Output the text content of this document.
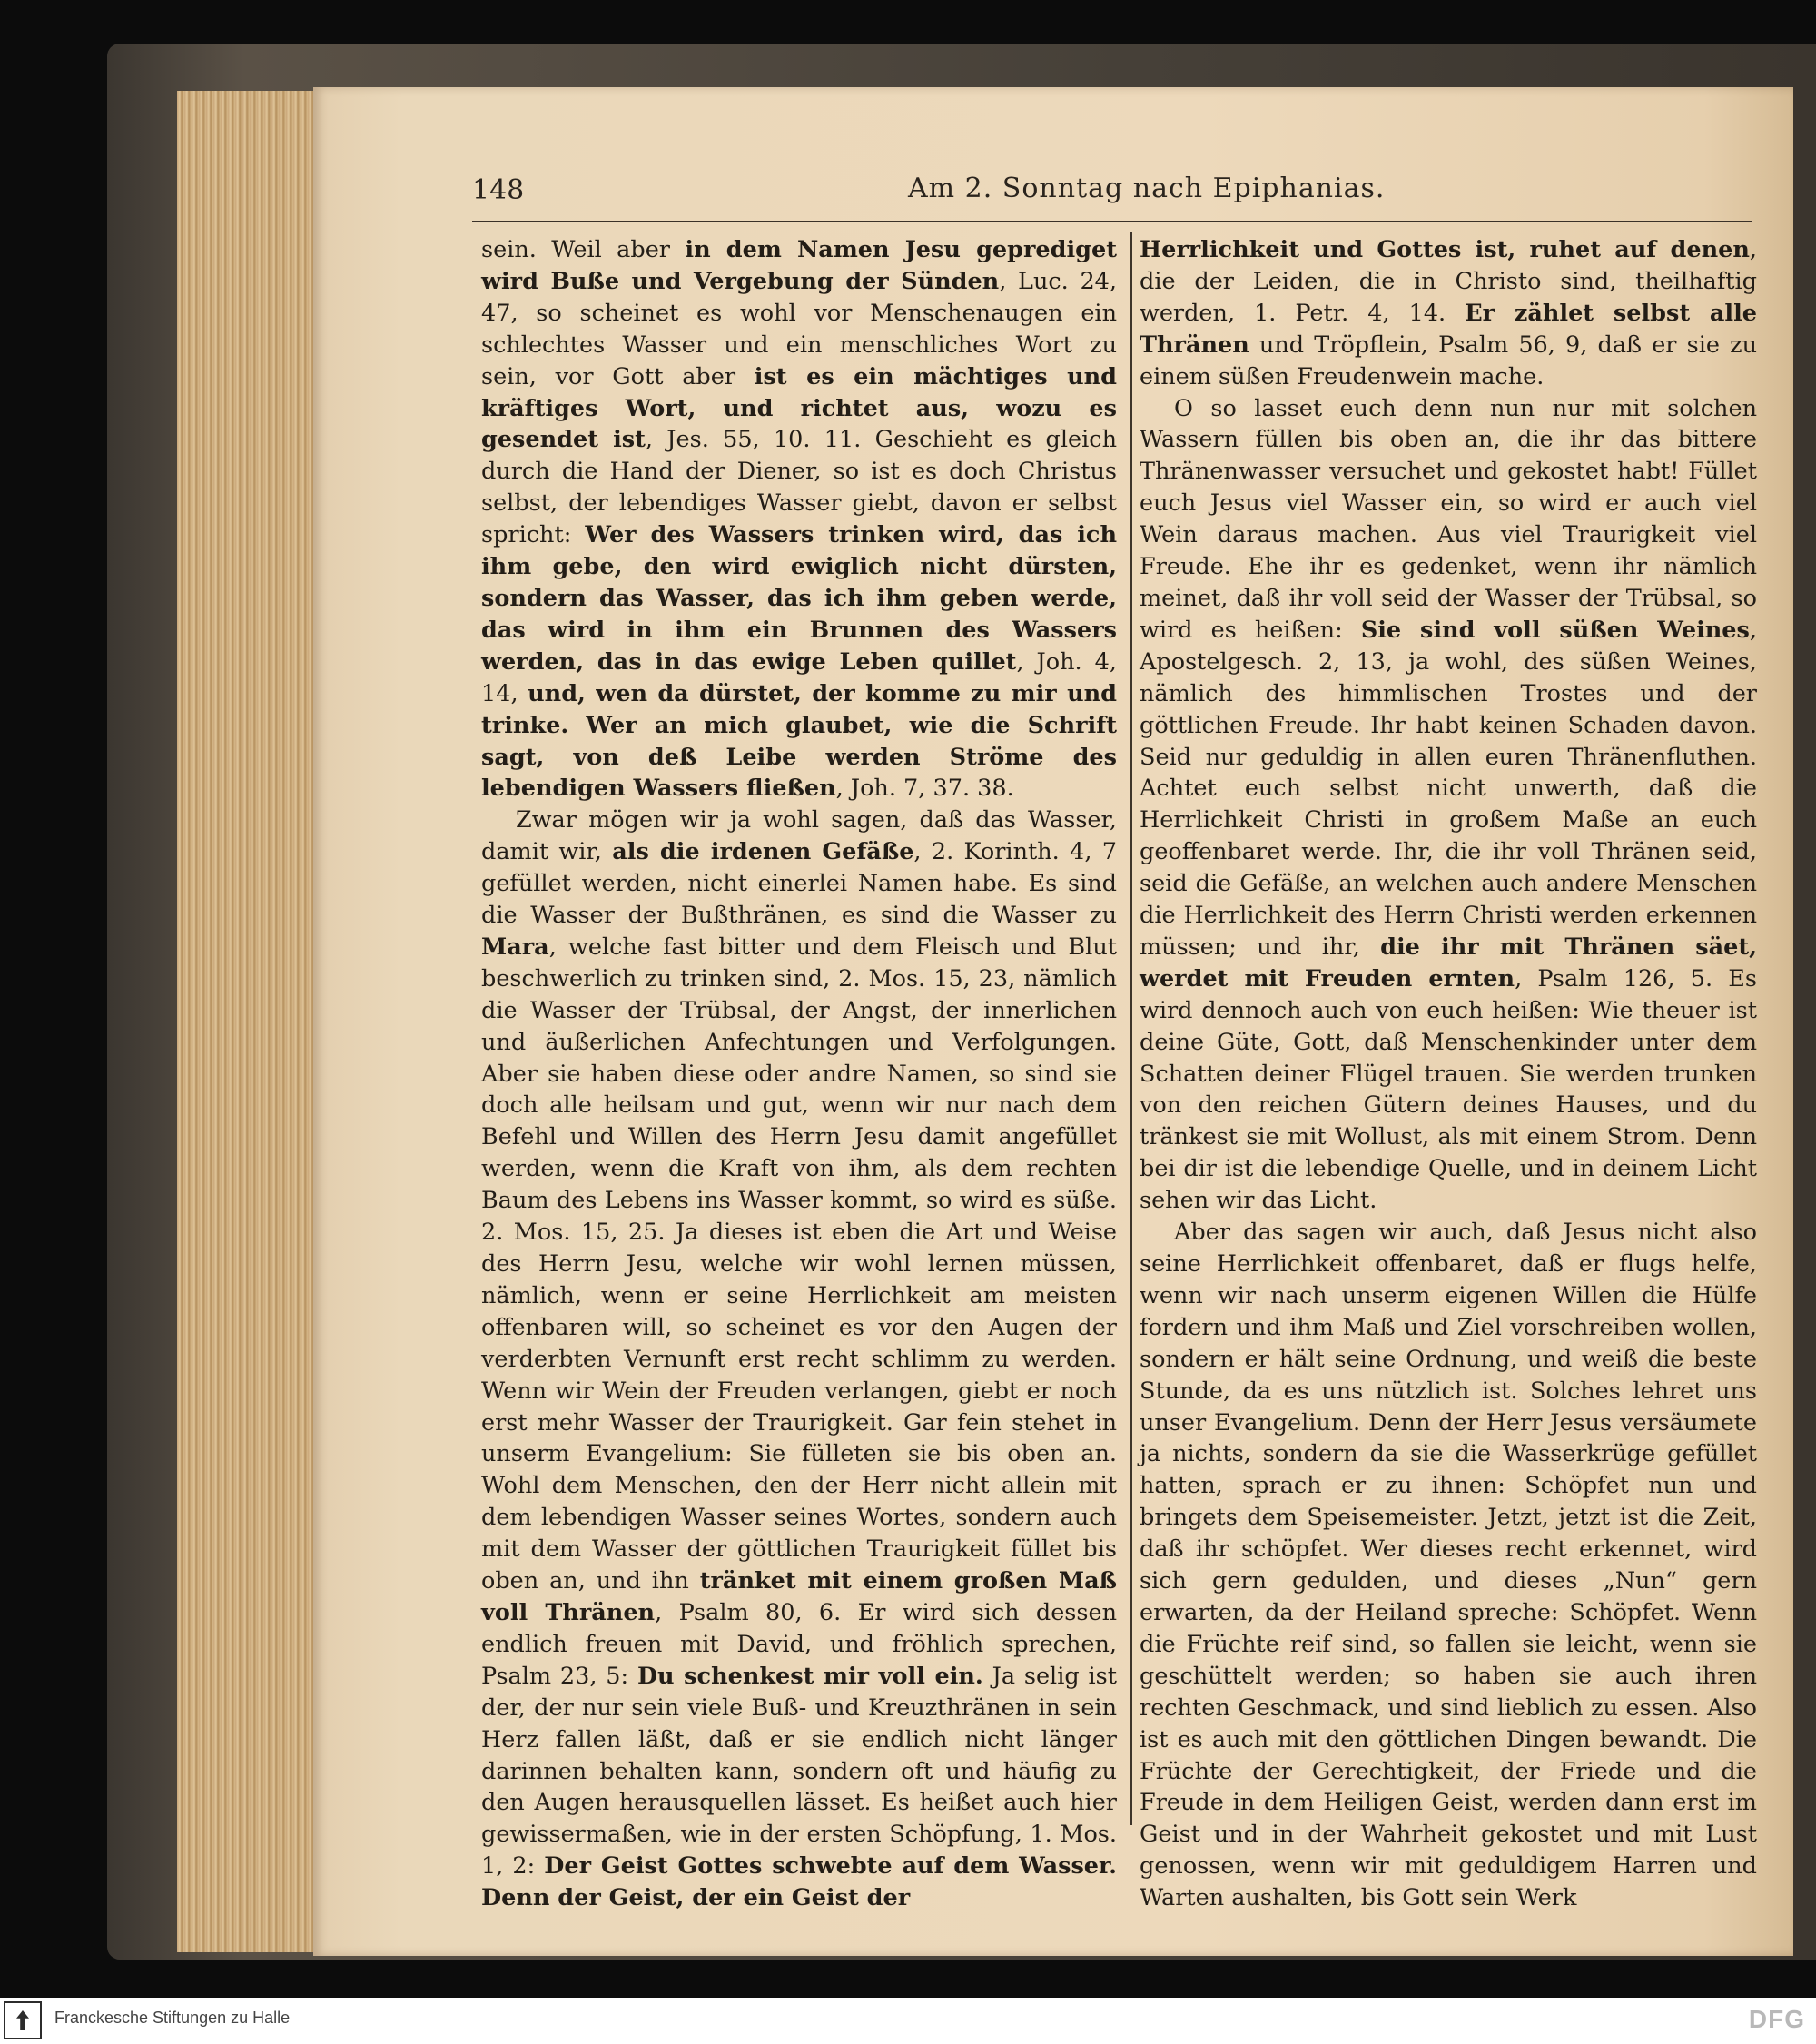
148	Am 2. Sonntag nach Epiphanias.

sein. Weil aber in dem Namen Jesu geprediget wird Buße und Vergebung der Sünden, Luc. 24, 47, so scheinet es wohl vor Menschenaugen ein schlechtes Wasser und ein menschliches Wort zu sein, vor Gott aber ist es ein mächtiges und kräftiges Wort, und richtet aus, wozu es gesendet ist, Jes. 55, 10. 11. Geschieht es gleich durch die Hand der Diener, so ist es doch Christus selbst, der lebendiges Wasser giebt, davon er selbst spricht: Wer des Wassers trinken wird, das ich ihm gebe, den wird ewiglich nicht dürsten, sondern das Wasser, das ich ihm geben werde, das wird in ihm ein Brunnen des Wassers werden, das in das ewige Leben quillet, Joh. 4, 14, und, wen da dürstet, der komme zu mir und trinke. Wer an mich glaubet, wie die Schrift sagt, von deß Leibe werden Ströme des lebendigen Wassers fließen, Joh. 7, 37. 38.

Zwar mögen wir ja wohl sagen, daß das Wasser, damit wir, als die irdenen Gefäße, 2. Korinth. 4, 7 gefüllet werden, nicht einerlei Namen habe. Es sind die Wasser der Bußthränen, es sind die Wasser zu Mara, welche fast bitter und dem Fleisch und Blut beschwerlich zu trinken sind, 2. Mos. 15, 23, nämlich die Wasser der Trübsal, der Angst, der innerlichen und äußerlichen Anfechtungen und Verfolgungen. Aber sie haben diese oder andre Namen, so sind sie doch alle heilsam und gut, wenn wir nur nach dem Befehl und Willen des Herrn Jesu damit angefüllet werden, wenn die Kraft von ihm, als dem rechten Baum des Lebens ins Wasser kommt, so wird es süße. 2. Mos. 15, 25. Ja dieses ist eben die Art und Weise des Herrn Jesu, welche wir wohl lernen müssen, nämlich, wenn er seine Herrlichkeit am meisten offenbaren will, so scheinet es vor den Augen der verderbten Vernunft erst recht schlimm zu werden. Wenn wir Wein der Freuden verlangen, giebt er noch erst mehr Wasser der Traurigkeit. Gar fein stehet in unserm Evangelium: Sie fülleten sie bis oben an. Wohl dem Menschen, den der Herr nicht allein mit dem lebendigen Wasser seines Wortes, sondern auch mit dem Wasser der göttlichen Traurigkeit füllet bis oben an, und ihn tränket mit einem großen Maß voll Thränen, Psalm 80, 6. Er wird sich dessen endlich freuen mit David, und fröhlich sprechen, Psalm 23, 5: Du schenkest mir voll ein. Ja selig ist der, der nur sein viele Buß- und Kreuzthränen in sein Herz fallen läßt, daß er sie endlich nicht länger darinnen behalten kann, sondern oft und häufig zu den Augen herausquellen lässet. Es heißet auch hier gewissermaßen, wie in der ersten Schöpfung, 1. Mos. 1, 2: Der Geist Gottes schwebte auf dem Wasser. Denn der Geist, der ein Geist der

Herrlichkeit und Gottes ist, ruhet auf denen, die der Leiden, die in Christo sind, theilhaftig werden, 1. Petr. 4, 14. Er zählet selbst alle Thränen und Tröpflein, Psalm 56, 9, daß er sie zu einem süßen Freudenwein mache.

O so lasset euch denn nun nur mit solchen Wassern füllen bis oben an, die ihr das bittere Thränenwasser versuchet und gekostet habt! Füllet euch Jesus viel Wasser ein, so wird er auch viel Wein daraus machen. Aus viel Traurigkeit viel Freude. Ehe ihr es gedenket, wenn ihr nämlich meinet, daß ihr voll seid der Wasser der Trübsal, so wird es heißen: Sie sind voll süßen Weines, Apostelgesch. 2, 13, ja wohl, des süßen Weines, nämlich des himmlischen Trostes und der göttlichen Freude. Ihr habt keinen Schaden davon. Seid nur geduldig in allen euren Thränenfluthen. Achtet euch selbst nicht unwerth, daß die Herrlichkeit Christi in großem Maße an euch geoffenbaret werde. Ihr, die ihr voll Thränen seid, seid die Gefäße, an welchen auch andere Menschen die Herrlichkeit des Herrn Christi werden erkennen müssen; und ihr, die ihr mit Thränen säet, werdet mit Freuden ernten, Psalm 126, 5. Es wird dennoch auch von euch heißen: Wie theuer ist deine Güte, Gott, daß Menschenkinder unter dem Schatten deiner Flügel trauen. Sie werden trunken von den reichen Gütern deines Hauses, und du tränkest sie mit Wollust, als mit einem Strom. Denn bei dir ist die lebendige Quelle, und in deinem Licht sehen wir das Licht.

Aber das sagen wir auch, daß Jesus nicht also seine Herrlichkeit offenbaret, daß er flugs helfe, wenn wir nach unserm eigenen Willen die Hülfe fordern und ihm Maß und Ziel vorschreiben wollen, sondern er hält seine Ordnung, und weiß die beste Stunde, da es uns nützlich ist. Solches lehret uns unser Evangelium. Denn der Herr Jesus versäumete ja nichts, sondern da sie die Wasserkrüge gefüllet hatten, sprach er zu ihnen: Schöpfet nun und bringets dem Speisemeister. Jetzt, jetzt ist die Zeit, daß ihr schöpfet. Wer dieses recht erkennet, wird sich gern gedulden, und dieses „Nun“ gern erwarten, da der Heiland spreche: Schöpfet. Wenn die Früchte reif sind, so fallen sie leicht, wenn sie geschüttelt werden; so haben sie auch ihren rechten Geschmack, und sind lieblich zu essen. Also ist es auch mit den göttlichen Dingen bewandt. Die Früchte der Gerechtigkeit, der Friede und die Freude in dem Heiligen Geist, werden dann erst im Geist und in der Wahrheit gekostet und mit Lust genossen, wenn wir mit geduldigem Harren und Warten aushalten, bis Gott sein Werk

Franckesche Stiftungen zu Halle	DFG
